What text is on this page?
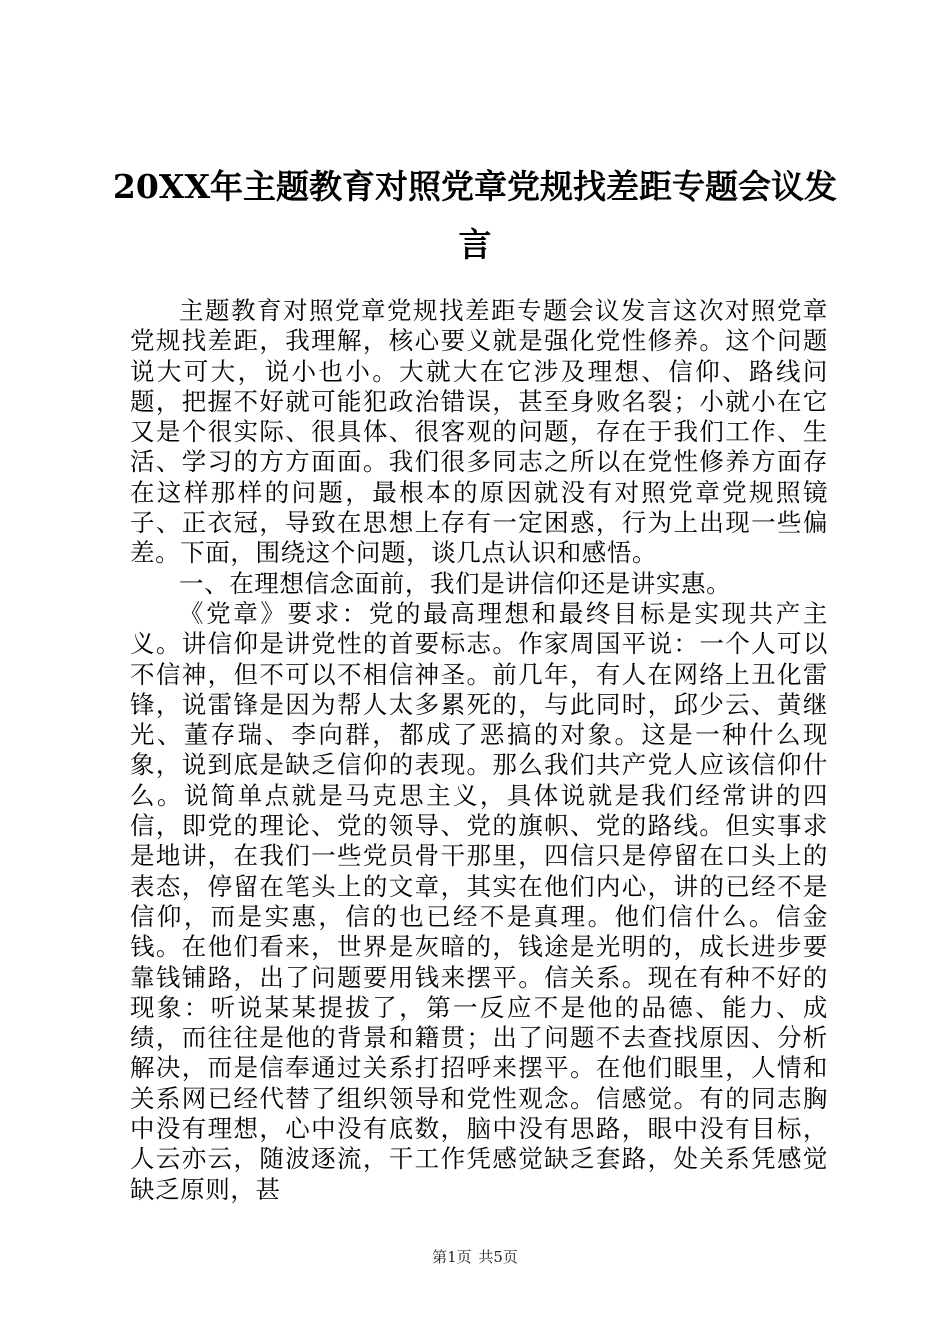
20XX年主题教育对照党章党规找差距专题会议发言

主题教育对照党章党规找差距专题会议发言这次对照党章党规找差距，我理解，核心要义就是强化党性修养。这个问题说大可大，说小也小。大就大在它涉及理想、信仰、路线问题，把握不好就可能犯政治错误，甚至身败名裂；小就小在它又是个很实际、很具体、很客观的问题，存在于我们工作、生活、学习的方方面面。我们很多同志之所以在党性修养方面存在这样那样的问题，最根本的原因就没有对照党章党规照镜子、正衣冠，导致在思想上存有一定困惑，行为上出现一些偏差。下面，围绕这个问题，谈几点认识和感悟。

一、在理想信念面前，我们是讲信仰还是讲实惠。

《党章》要求：党的最高理想和最终目标是实现共产主义。讲信仰是讲党性的首要标志。作家周国平说：一个人可以不信神，但不可以不相信神圣。前几年，有人在网络上丑化雷锋，说雷锋是因为帮人太多累死的，与此同时，邱少云、黄继光、董存瑞、李向群，都成了恶搞的对象。这是一种什么现象，说到底是缺乏信仰的表现。那么我们共产党人应该信仰什么。说简单点就是马克思主义，具体说就是我们经常讲的四信，即党的理论、党的领导、党的旗帜、党的路线。但实事求是地讲，在我们一些党员骨干那里，四信只是停留在口头上的表态，停留在笔头上的文章，其实在他们内心，讲的已经不是信仰，而是实惠，信的也已经不是真理。他们信什么。信金钱。在他们看来，世界是灰暗的，钱途是光明的，成长进步要靠钱铺路，出了问题要用钱来摆平。信关系。现在有种不好的现象：听说某某提拔了，第一反应不是他的品德、能力、成绩，而往往是他的背景和籍贯；出了问题不去查找原因、分析解决，而是信奉通过关系打招呼来摆平。在他们眼里，人情和关系网已经代替了组织领导和党性观念。信感觉。有的同志胸中没有理想，心中没有底数，脑中没有思路，眼中没有目标，人云亦云，随波逐流，干工作凭感觉缺乏套路，处关系凭感觉缺乏原则，甚

第1页 共5页
